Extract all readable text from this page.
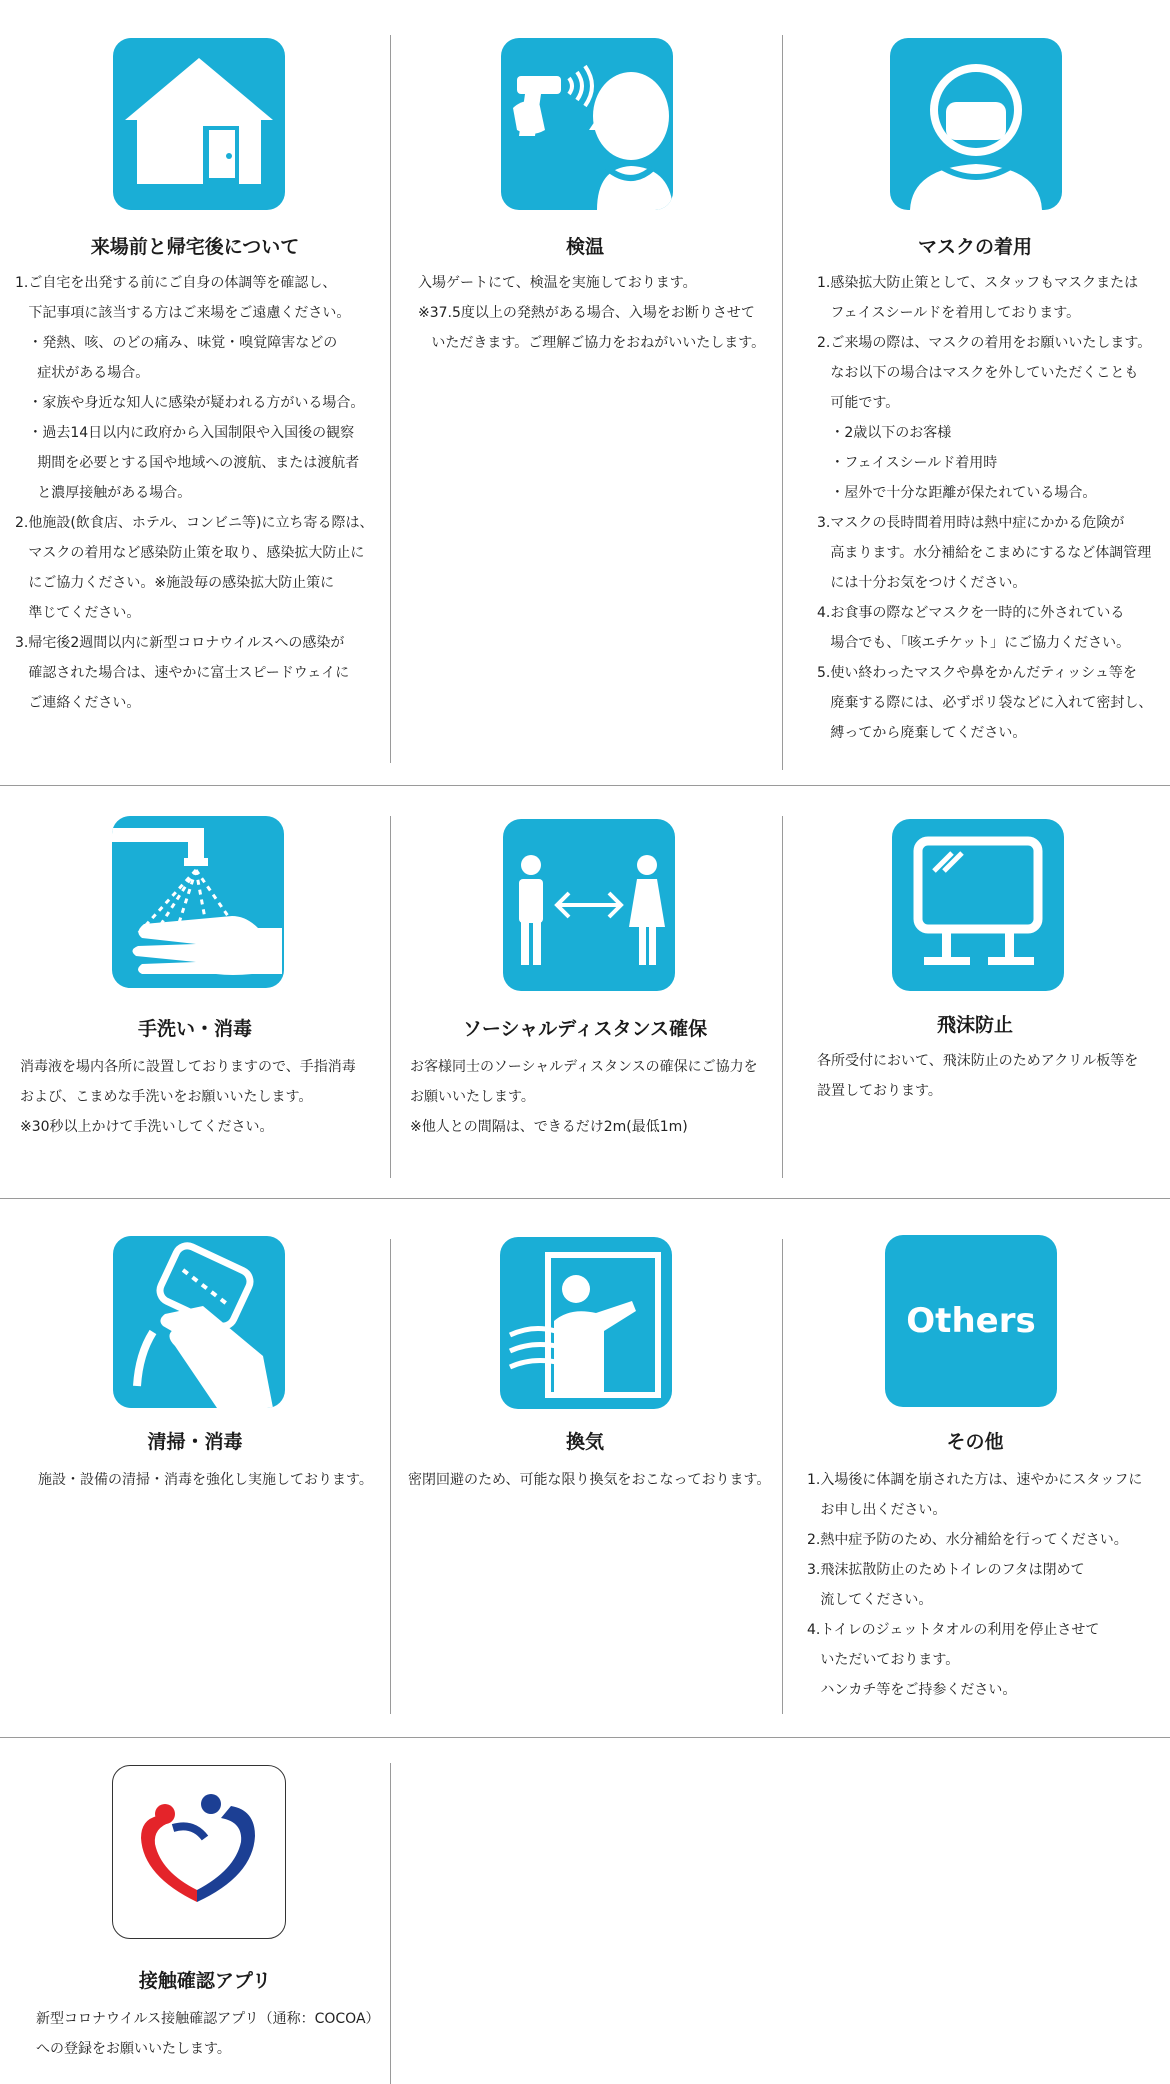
来場前と帰宅後について
1.ご自宅を出発する前にご自身の体調等を確認し、
下記事項に該当する方はご来場をご遠慮ください。
・発熱、咳、のどの痛み、味覚・嗅覚障害などの
症状がある場合。
・家族や身近な知人に感染が疑われる方がいる場合。
・過去14日以内に政府から入国制限や入国後の観察
期間を必要とする国や地域への渡航、または渡航者
と濃厚接触がある場合。
2.他施設(飲食店、ホテル、コンビニ等)に立ち寄る際は、
マスクの着用など感染防止策を取り、感染拡大防止に
にご協力ください。※施設毎の感染拡大防止策に
準じてください。
3.帰宅後2週間以内に新型コロナウイルスへの感染が
確認された場合は、速やかに富士スピードウェイに
ご連絡ください。
検温
入場ゲートにて、検温を実施しております。
※37.5度以上の発熱がある場合、入場をお断りさせて
いただきます。ご理解ご協力をおねがいいたします。
マスクの着用
1.感染拡大防止策として、スタッフもマスクまたは
フェイスシールドを着用しております。
2.ご来場の際は、マスクの着用をお願いいたします。
なお以下の場合はマスクを外していただくことも
可能です。
・2歳以下のお客様
・フェイスシールド着用時
・屋外で十分な距離が保たれている場合。
3.マスクの長時間着用時は熱中症にかかる危険が
高まります。水分補給をこまめにするなど体調管理
には十分お気をつけください。
4.お食事の際などマスクを一時的に外されている
場合でも、「咳エチケット」にご協力ください。
5.使い終わったマスクや鼻をかんだティッシュ等を
廃棄する際には、必ずポリ袋などに入れて密封し、
縛ってから廃棄してください。
手洗い・消毒
消毒液を場内各所に設置しておりますので、手指消毒
および、こまめな手洗いをお願いいたします。
※30秒以上かけて手洗いしてください。
ソーシャルディスタンス確保
お客様同士のソーシャルディスタンスの確保にご協力を
お願いいたします。
※他人との間隔は、できるだけ2m(最低1m)
飛沫防止
各所受付において、飛沫防止のためアクリル板等を
設置しております。
清掃・消毒
施設・設備の清掃・消毒を強化し実施しております。
換気
密閉回避のため、可能な限り換気をおこなっております。
Others
その他
1.入場後に体調を崩された方は、速やかにスタッフに
お申し出ください。
2.熱中症予防のため、水分補給を行ってください。
3.飛沫拡散防止のためトイレのフタは閉めて
流してください。
4.トイレのジェットタオルの利用を停止させて
いただいております。
ハンカチ等をご持参ください。
接触確認アプリ
新型コロナウイルス接触確認アプリ（通称：COCOA）
への登録をお願いいたします。
